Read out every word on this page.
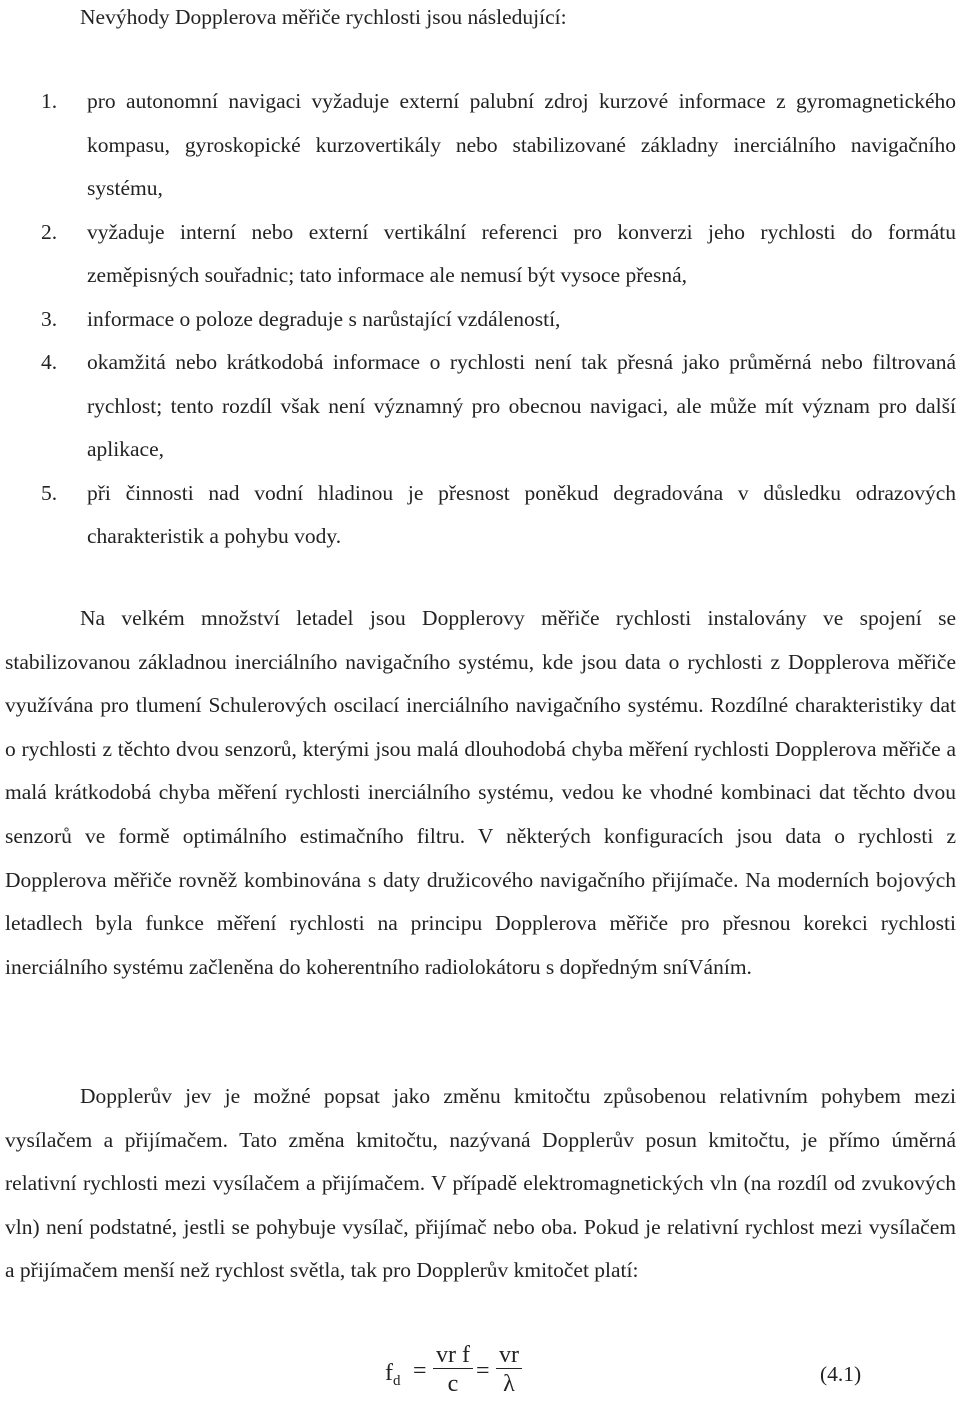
Nevýhody Dopplerova měřiče rychlosti jsou následující:
1. pro autonomní navigaci vyžaduje externí palubní zdroj kurzové informace z gyromagnetického kompasu, gyroskopické kurzovertikály nebo stabilizované základny inerciálního navigačního systému,
2. vyžaduje interní nebo externí vertikální referenci pro konverzi jeho rychlosti do formátu zeměpisných souřadnic; tato informace ale nemusí být vysoce přesná,
3. informace o poloze degraduje s narůstající vzdáleností,
4. okamžitá nebo krátkodobá informace o rychlosti není tak přesná jako průměrná nebo filtrovaná rychlost; tento rozdíl však není významný pro obecnou navigaci, ale může mít význam pro další aplikace,
5. při činnosti nad vodní hladinou je přesnost poněkud degradována v důsledku odrazových charakteristik a pohybu vody.

Na velkém množství letadel jsou Dopplerovy měřiče rychlosti instalovány ve spojení se stabilizovanou základnou inerciálního navigačního systému, kde jsou data o rychlosti z Dopplerova měřiče využívána pro tlumení Schulerových oscilací inerciálního navigačního systému. Rozdílné charakteristiky dat o rychlosti z těchto dvou senzorů, kterými jsou malá dlouhodobá chyba měření rychlosti Dopplerova měřiče a malá krátkodobá chyba měření rychlosti inerciálního systému, vedou ke vhodné kombinaci dat těchto dvou senzorů ve formě optimálního estimačního filtru. V některých konfiguracích jsou data o rychlosti z Dopplerova měřiče rovněž kombinována s daty družicového navigačního přijímače. Na moderních bojových letadlech byla funkce měření rychlosti na principu Dopplerova měřiče pro přesnou korekci rychlosti inerciálního systému začleněna do koherentního radiolokátoru s dopředným sníVáním.

Dopplerův jev je možné popsat jako změnu kmitočtu způsobenou relativním pohybem mezi vysílačem a přijímačem. Tato změna kmitočtu, nazývaná Dopplerův posun kmitočtu, je přímo úměrná relativní rychlosti mezi vysílačem a přijímačem. V případě elektromagnetických vln (na rozdíl od zvukových vln) není podstatné, jestli se pohybuje vysílač, přijímač nebo oba. Pokud je relativní rychlost mezi vysílačem a přijímačem menší než rychlost světla, tak pro Dopplerův kmitočet platí:

$f_d$ =
vr f
c =
vr
λ	(4.1)
